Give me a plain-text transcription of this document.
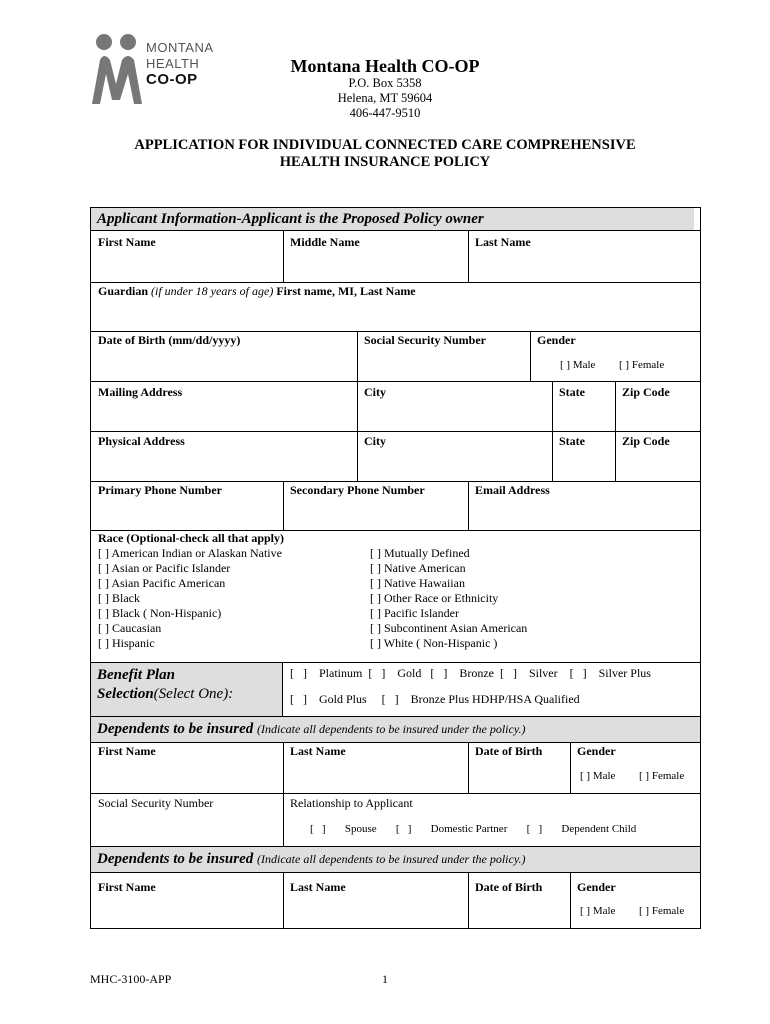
MONTANA
HEALTH
CO-OP
Montana Health CO-OP
P.O. Box 5358
Helena, MT 59604
406-447-9510
APPLICATION FOR INDIVIDUAL CONNECTED CARE COMPREHENSIVE
HEALTH INSURANCE POLICY
Applicant Information-Applicant is the Proposed Policy owner
First Name	Middle Name	Last Name
Guardian (if under 18 years of age) First name, MI, Last Name
Date of Birth (mm/dd/yyyy)	Social Security Number	Gender
[ ] Male [ ] Female
Mailing Address	City	State	Zip Code
Physical Address	City	State	Zip Code
Primary Phone Number	Secondary Phone Number	Email Address
Race (Optional-check all that apply)
[ ] American Indian or Alaskan Native
[ ] Asian or Pacific Islander
[ ] Asian Pacific American
[ ] Black
[ ] Black ( Non-Hispanic)
[ ] Caucasian
[ ] Hispanic
[ ] Mutually Defined
[ ] Native American
[ ] Native Hawaiian
[ ] Other Race or Ethnicity
[ ] Pacific Islander
[ ] Subcontinent Asian American
[ ] White ( Non-Hispanic )
Benefit Plan
Selection(Select One):
[   ]    Platinum  [   ]    Gold   [   ]    Bronze  [   ]    Silver    [   ]    Silver Plus
[   ]    Gold Plus     [   ]    Bronze Plus HDHP/HSA Qualified
Dependents to be insured (Indicate all dependents to be insured under the policy.)
First Name	Last Name	Date of Birth	Gender
[ ] Male [ ] Female
Social Security Number	Relationship to Applicant
[   ]       Spouse       [   ]       Domestic Partner       [   ]       Dependent Child
Dependents to be insured (Indicate all dependents to be insured under the policy.)
First Name	Last Name	Date of Birth	Gender
[ ] Male [ ] Female
MHC-3100-APP	1
